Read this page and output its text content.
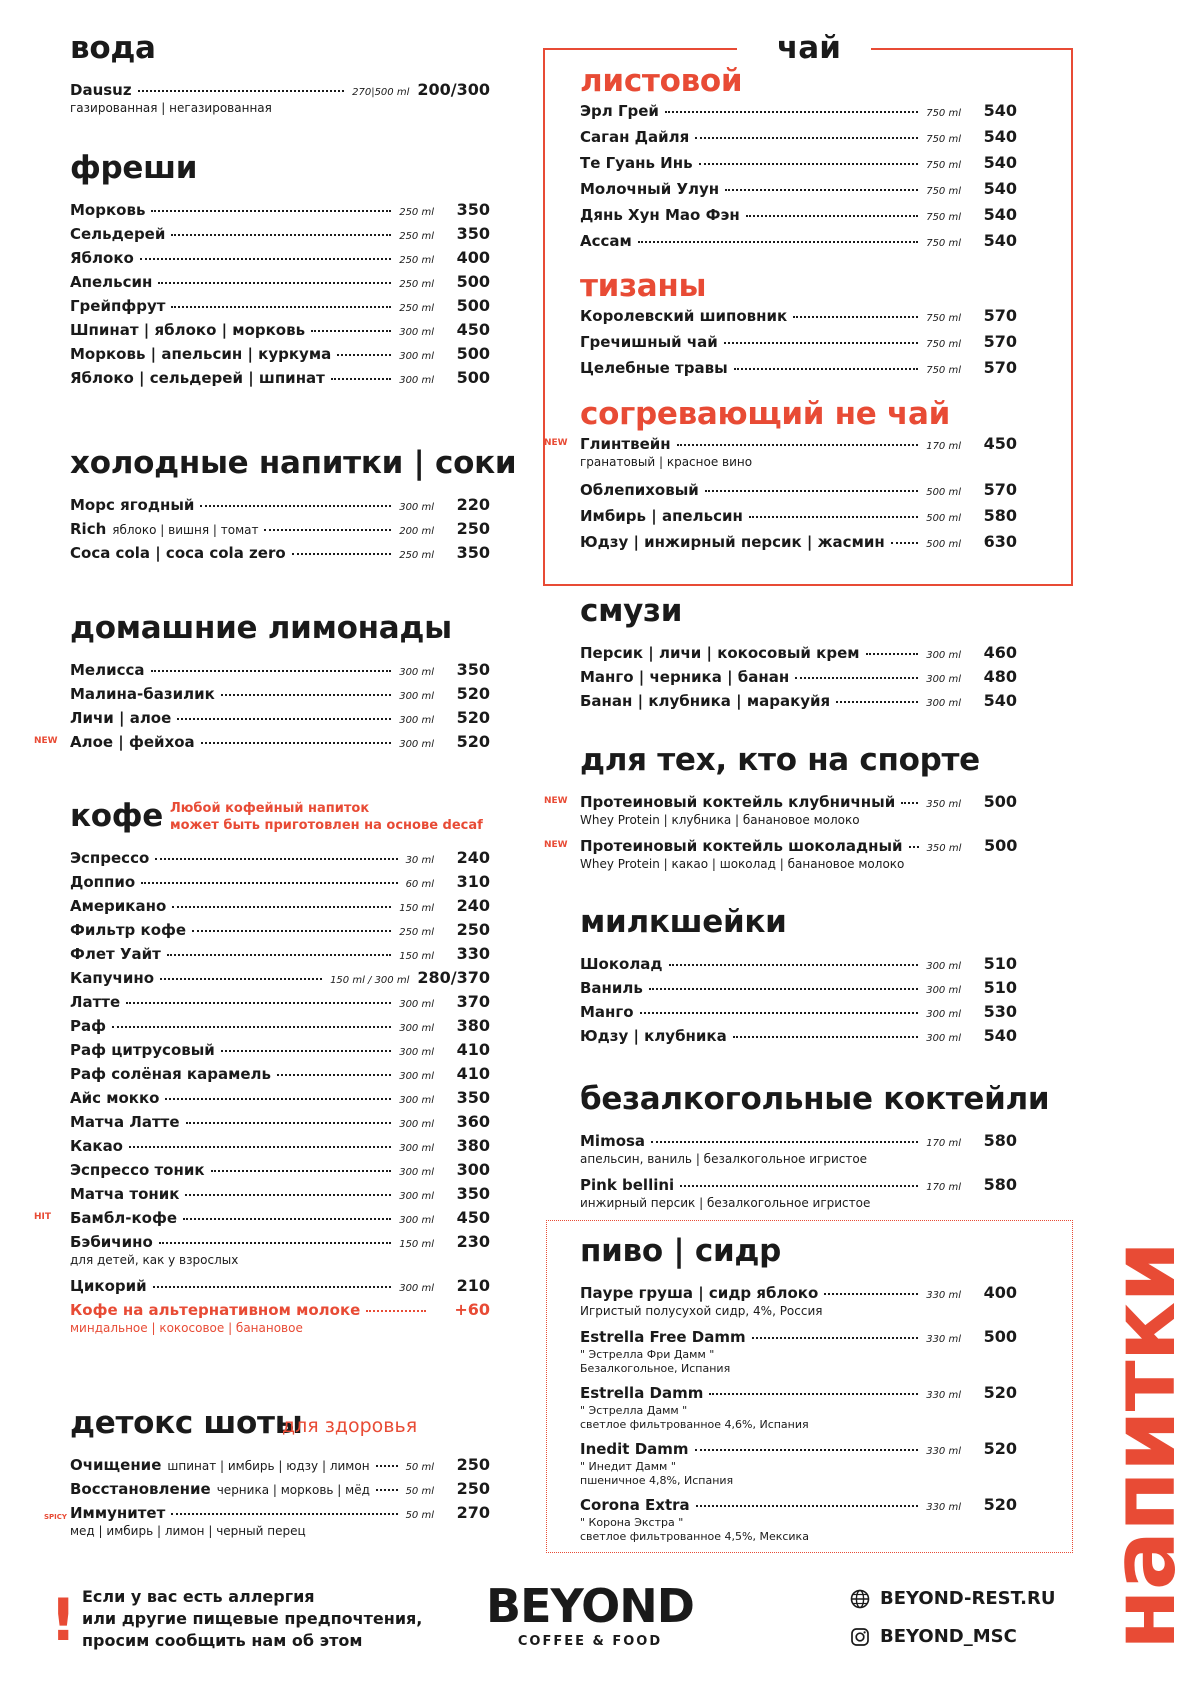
чай
вода
Dausuz	270|500 ml 200/300
газированная | негазированная
фреши
Морковь	250 ml	350
Сельдерей	250 ml	350
Яблоко	250 ml	400
Апельсин	250 ml	500
Грейпфрут	250 ml	500
Шпинат | яблоко | морковь	300 ml	450
Морковь | апельсин | куркума	300 ml	500
Яблоко | сельдерей | шпинат	300 ml	500
холодные напитки | соки
Морс ягодный	300 ml	220
Rich яблоко | вишня | томат	200 ml	250
Coca cola | coca cola zero	250 ml	350
домашние лимонады
Мелисса	300 ml	350
Малина-базилик	300 ml	520
Личи | алое	300 ml	520
NEW Алое | фейхоа	300 ml	520
кофе Любой кофейный напиток
может быть приготовлен на основе decaf
Эспрессо	30 ml	240
Доппио	60 ml	310
Американо	150 ml	240
Фильтр кофе	250 ml	250
Флет Уайт	150 ml	330
Капучино	150 ml / 300 ml 280/370
Латте	300 ml	370
Раф	300 ml	380
Раф цитрусовый	300 ml	410
Раф солёная карамель	300 ml	410
Айс мокко	300 ml	350
Матча Латте	300 ml	360
Какао	300 ml	380
Эспрессо тоник	300 ml	300
Матча тоник	300 ml	350
HIT Бамбл-кофе	300 ml	450
Бэбичино	150 ml	230
для детей, как у взрослых
Цикорий	300 ml	210
Кофе на альтернативном молоке	+60
миндальное | кокосовое | банановое
детокс шоты
для здоровья
Очищение шпинат | имбирь | юдзу | лимон	50 ml	250
Восстановление черника | морковь | мёд	50 ml	250
SPICY Иммунитет	50 ml	270
мед | имбирь | лимон | черный перец
листовой
Эрл Грей	750 ml	540
Саган Дайля	750 ml	540
Те Гуань Инь	750 ml	540
Молочный Улун	750 ml	540
Дянь Хун Мао Фэн	750 ml	540
Ассам	750 ml	540
тизаны
Королевский шиповник	750 ml	570
Гречишный чай	750 ml	570
Целебные травы	750 ml	570
согревающий не чай
NEW Глинтвейн	170 ml	450
гранатовый | красное вино
Облепиховый	500 ml	570
Имбирь | апельсин	500 ml	580
Юдзу | инжирный персик | жасмин	500 ml	630
смузи
Персик | личи | кокосовый крем	300 ml	460
Манго | черника | банан	300 ml	480
Банан | клубника | маракуйя	300 ml	540
для тех, кто на спорте
NEW Протеиновый коктейль клубничный	350 ml	500
Whey Protein | клубника | банановое молоко
NEW Протеиновый коктейль шоколадный 350 ml	500
Whey Protein | какао | шоколад | банановое молоко
милкшейки
Шоколад	300 ml	510
Ваниль	300 ml	510
Манго	300 ml	530
Юдзу | клубника	300 ml	540
безалкогольные коктейли
Mimosa	170 ml	580
апельсин, ваниль | безалкогольное игристое
Pink bellini	170 ml	580
инжирный персик | безалкогольное игристое
пиво | сидр
Паурe груша | сидр яблоко	330 ml	400
Игристый полусухой сидр, 4%, Россия
Estrella Free Damm	330 ml	500
" Эстрелла Фри Дамм "
Безалкогольное, Испания
Estrella Damm	330 ml	520
" Эстрелла Дамм "
светлое фильтрованное 4,6%, Испания
Inedit Damm	330 ml	520
" Инедит Дамм "
пшеничное 4,8%, Испания
Corona Extra	330 ml	520
" Корона Экстра "
светлое фильтрованное 4,5%, Мексика	напитки
! Если у вас есть аллергия
или другие пищевые предпочтения,
просим сообщить нам об этом
BEYOND
COFFEE & FOOD
BEYOND-REST.RU
BEYOND_MSC
